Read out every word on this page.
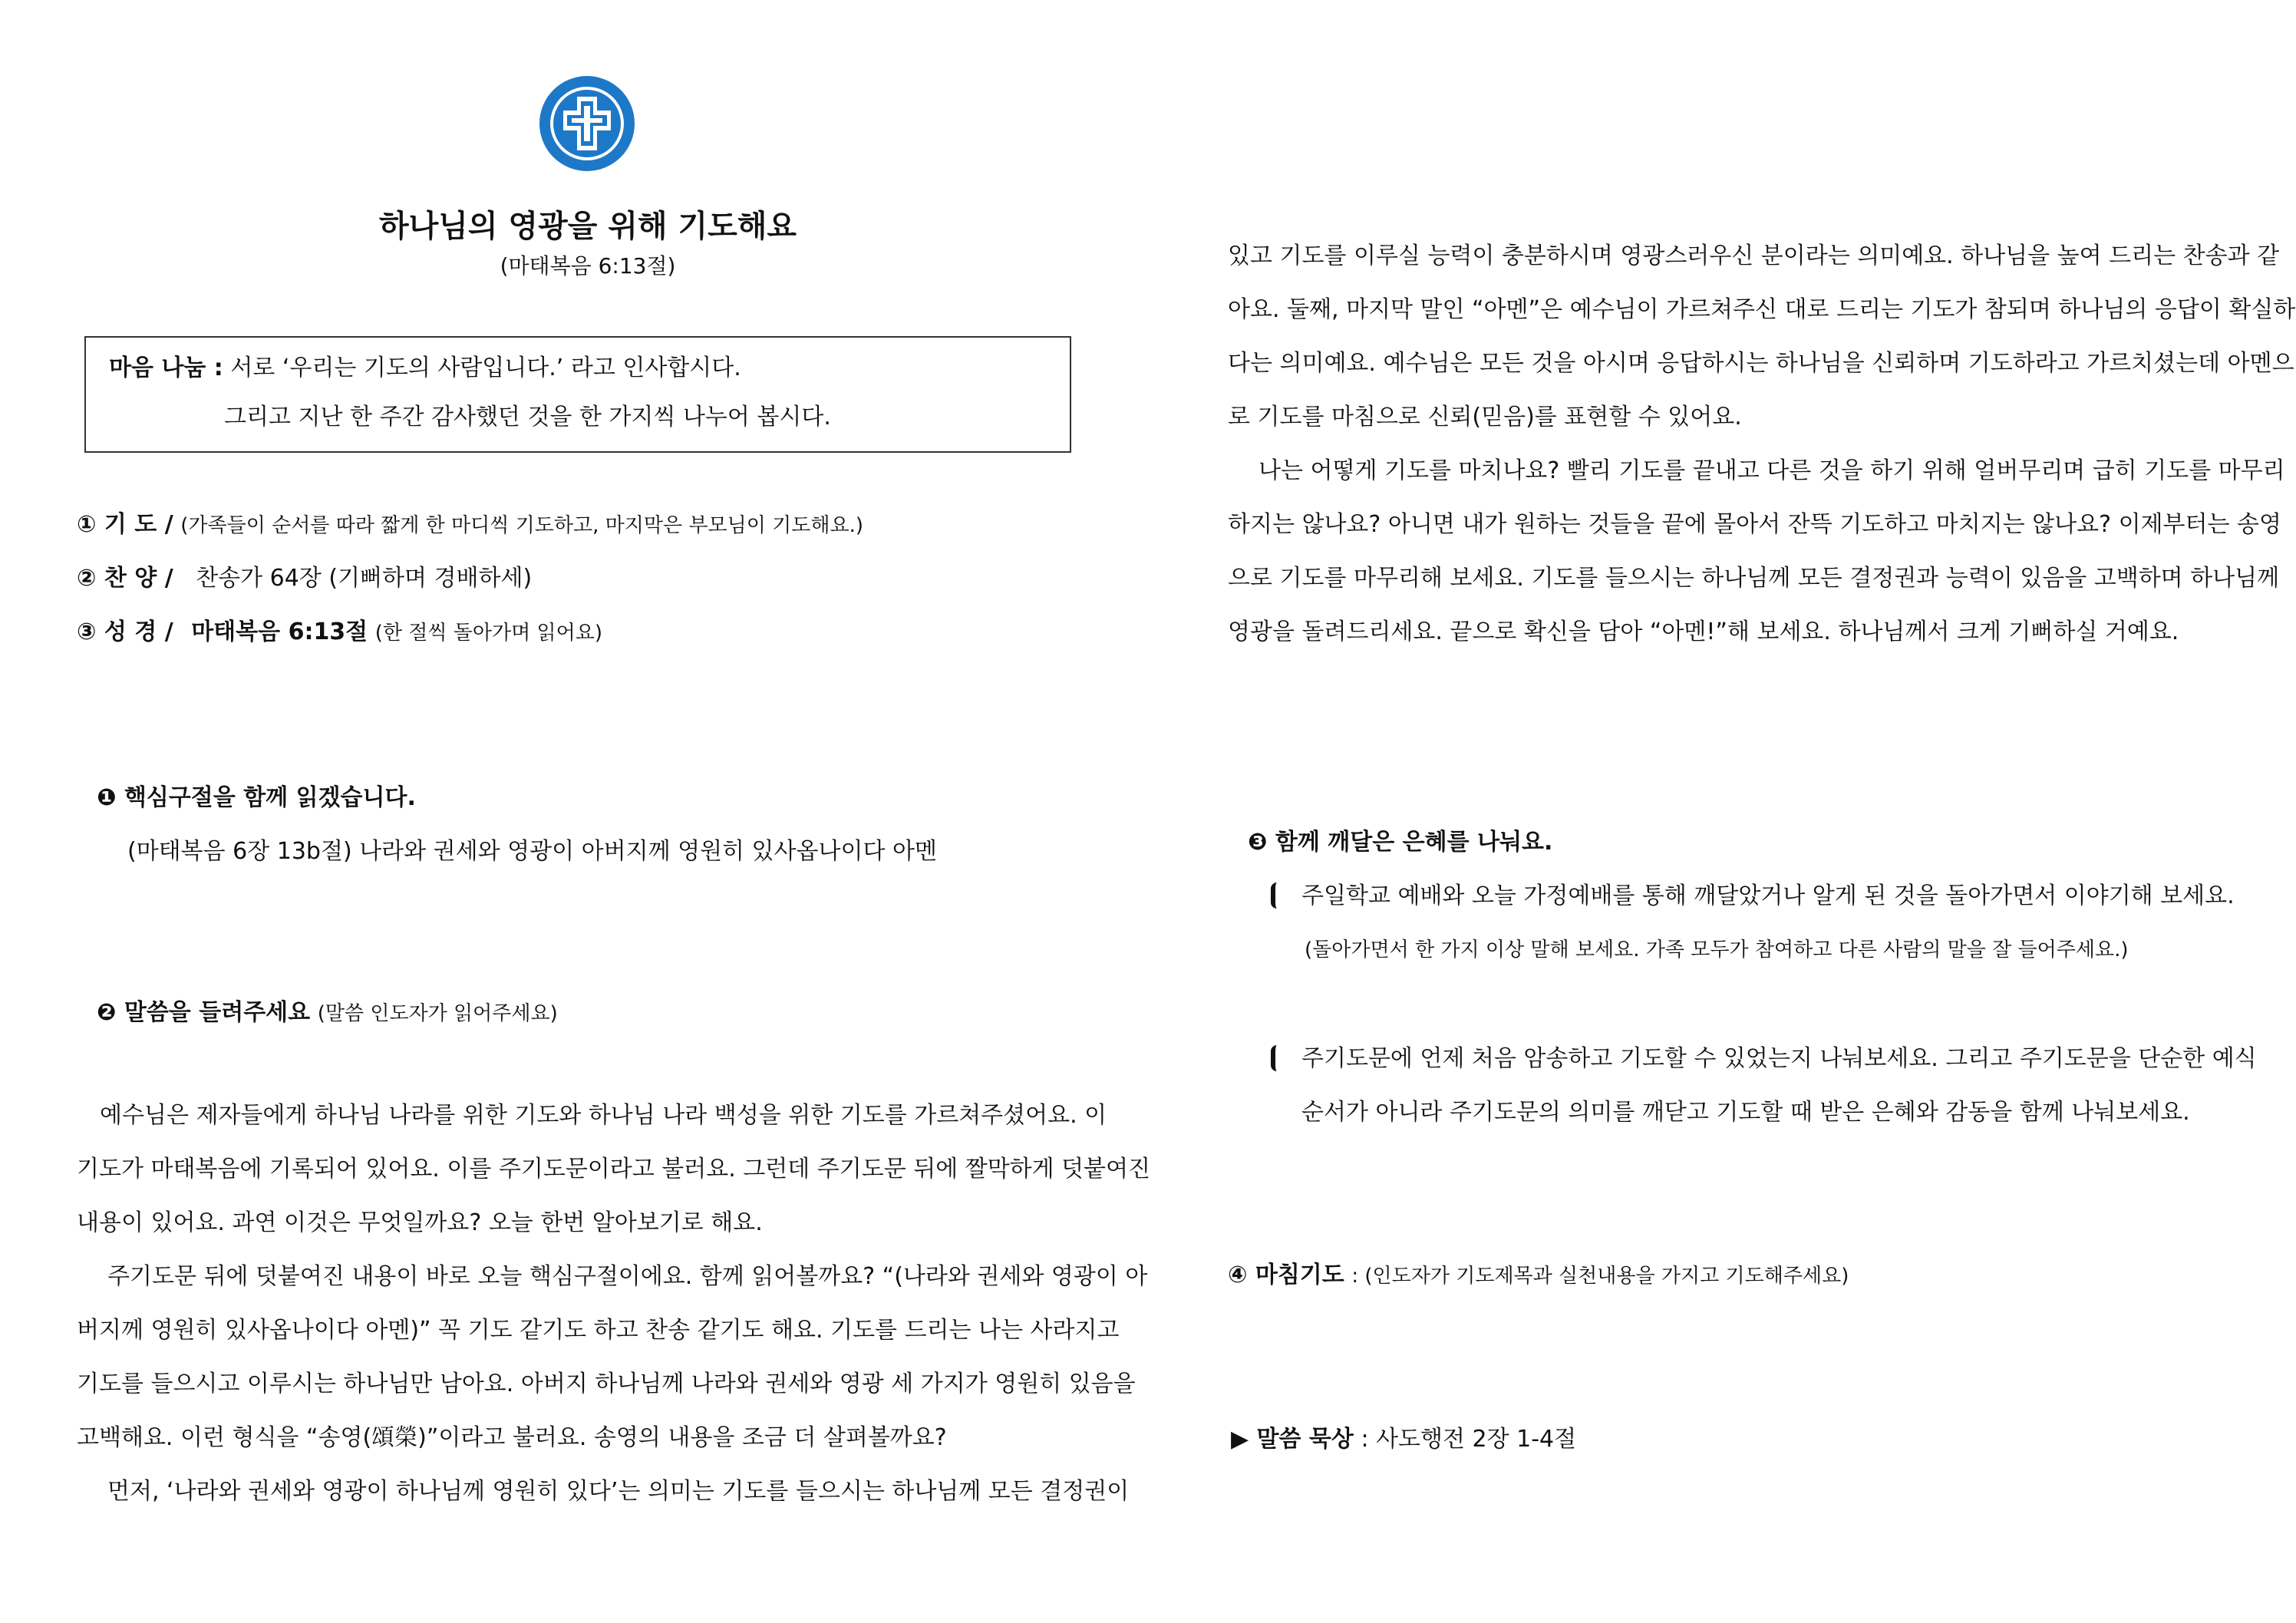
하나님의 영광을 위해 기도해요
(마태복음 6:13절)
마음 나눔 : 서로 ‘우리는 기도의 사람입니다.’ 라고 인사합시다.
그리고 지난 한 주간 감사했던 것을 한 가지씩 나누어 봅시다.
① 기 도 / (가족들이 순서를 따라 짧게 한 마디씩 기도하고, 마지막은 부모님이 기도해요.)
② 찬 양 / 찬송가 64장 (기뻐하며 경배하세)
③ 성 경 / 마태복음 6:13절 (한 절씩 돌아가며 읽어요)
❶ 핵심구절을 함께 읽겠습니다.
(마태복음 6장 13b절) 나라와 권세와 영광이 아버지께 영원히 있사옵나이다 아멘
❷ 말씀을 들려주세요 (말씀 인도자가 읽어주세요)
예수님은 제자들에게 하나님 나라를 위한 기도와 하나님 나라 백성을 위한 기도를 가르쳐주셨어요. 이
기도가 마태복음에 기록되어 있어요. 이를 주기도문이라고 불러요. 그런데 주기도문 뒤에 짤막하게 덧붙여진
내용이 있어요. 과연 이것은 무엇일까요? 오늘 한번 알아보기로 해요.
주기도문 뒤에 덧붙여진 내용이 바로 오늘 핵심구절이에요. 함께 읽어볼까요? “(나라와 권세와 영광이 아
버지께 영원히 있사옵나이다 아멘)” 꼭 기도 같기도 하고 찬송 같기도 해요. 기도를 드리는 나는 사라지고
기도를 들으시고 이루시는 하나님만 남아요. 아버지 하나님께 나라와 권세와 영광 세 가지가 영원히 있음을
고백해요. 이런 형식을 “송영(頌榮)”이라고 불러요. 송영의 내용을 조금 더 살펴볼까요?
먼저, ‘나라와 권세와 영광이 하나님께 영원히 있다’는 의미는 기도를 들으시는 하나님께 모든 결정권이
있고 기도를 이루실 능력이 충분하시며 영광스러우신 분이라는 의미예요. 하나님을 높여 드리는 찬송과 같
아요. 둘째, 마지막 말인 “아멘”은 예수님이 가르쳐주신 대로 드리는 기도가 참되며 하나님의 응답이 확실하
다는 의미예요. 예수님은 모든 것을 아시며 응답하시는 하나님을 신뢰하며 기도하라고 가르치셨는데 아멘으
로 기도를 마침으로 신뢰(믿음)를 표현할 수 있어요.
나는 어떻게 기도를 마치나요? 빨리 기도를 끝내고 다른 것을 하기 위해 얼버무리며 급히 기도를 마무리
하지는 않나요? 아니면 내가 원하는 것들을 끝에 몰아서 잔뜩 기도하고 마치지는 않나요? 이제부터는 송영
으로 기도를 마무리해 보세요. 기도를 들으시는 하나님께 모든 결정권과 능력이 있음을 고백하며 하나님께
영광을 돌려드리세요. 끝으로 확신을 담아 “아멘!”해 보세요. 하나님께서 크게 기뻐하실 거예요.
❸ 함께 깨달은 은혜를 나눠요.
주일학교 예배와 오늘 가정예배를 통해 깨달았거나 알게 된 것을 돌아가면서 이야기해 보세요.
(돌아가면서 한 가지 이상 말해 보세요. 가족 모두가 참여하고 다른 사람의 말을 잘 들어주세요.)
주기도문에 언제 처음 암송하고 기도할 수 있었는지 나눠보세요. 그리고 주기도문을 단순한 예식
순서가 아니라 주기도문의 의미를 깨닫고 기도할 때 받은 은혜와 감동을 함께 나눠보세요.
④ 마침기도 : (인도자가 기도제목과 실천내용을 가지고 기도해주세요)
▶ 말씀 묵상 : 사도행전 2장 1-4절
